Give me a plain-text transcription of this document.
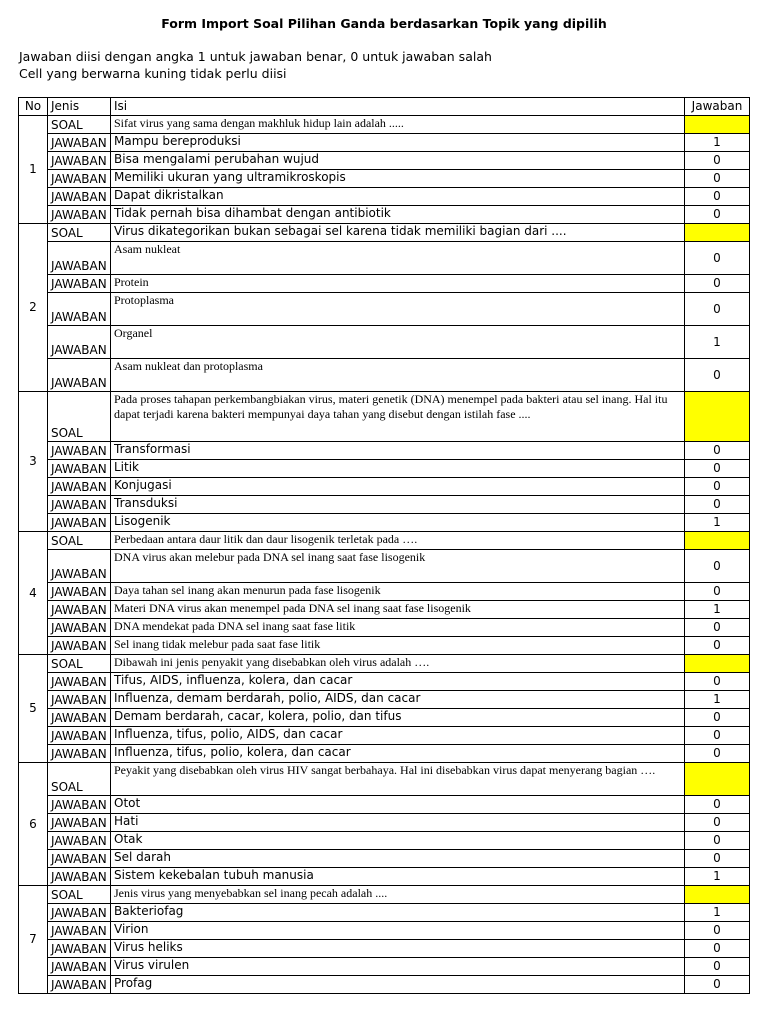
Form Import Soal Pilihan Ganda berdasarkan Topik yang dipilih
Jawaban diisi dengan angka 1 untuk jawaban benar, 0 untuk jawaban salah
Cell yang berwarna kuning tidak perlu diisi
No	Jenis	Isi	Jawaban
1	SOAL	Sifat virus yang sama dengan makhluk hidup lain adalah .....	
	JAWABAN	Mampu bereproduksi	1
	JAWABAN	Bisa mengalami perubahan wujud	0
	JAWABAN	Memiliki ukuran yang ultramikroskopis	0
	JAWABAN	Dapat dikristalkan	0
	JAWABAN	Tidak pernah bisa dihambat dengan antibiotik	0
2	SOAL	Virus dikategorikan bukan sebagai sel karena tidak memiliki bagian dari ....	
	JAWABAN	Asam nukleat	0
	JAWABAN	Protein	0
	JAWABAN	Protoplasma	0
	JAWABAN	Organel	1
	JAWABAN	Asam nukleat dan protoplasma	0
3	SOAL	Pada proses tahapan perkembangbiakan virus, materi genetik (DNA) menempel pada bakteri atau sel inang. Hal itu dapat terjadi karena bakteri mempunyai daya tahan yang disebut dengan istilah fase ....	
	JAWABAN	Transformasi	0
	JAWABAN	Litik	0
	JAWABAN	Konjugasi	0
	JAWABAN	Transduksi	0
	JAWABAN	Lisogenik	1
4	SOAL	Perbedaan antara daur litik dan daur lisogenik terletak pada ….	
	JAWABAN	DNA virus akan melebur pada DNA sel inang saat fase lisogenik	0
	JAWABAN	Daya tahan sel inang akan menurun pada fase lisogenik	0
	JAWABAN	Materi DNA virus akan menempel pada DNA sel inang saat fase lisogenik	1
	JAWABAN	DNA mendekat pada DNA sel inang saat fase litik	0
	JAWABAN	Sel inang tidak melebur pada saat fase litik	0
5	SOAL	Dibawah ini jenis penyakit yang disebabkan oleh virus adalah ….	
	JAWABAN	Tifus, AIDS, influenza, kolera, dan cacar	0
	JAWABAN	Influenza, demam berdarah, polio, AIDS, dan cacar	1
	JAWABAN	Demam berdarah, cacar, kolera, polio, dan tifus	0
	JAWABAN	Influenza, tifus, polio, AIDS, dan cacar	0
	JAWABAN	Influenza, tifus, polio, kolera, dan cacar	0
6	SOAL	Peyakit yang disebabkan oleh virus HIV sangat berbahaya. Hal ini disebabkan virus dapat menyerang bagian ….	
	JAWABAN	Otot	0
	JAWABAN	Hati	0
	JAWABAN	Otak	0
	JAWABAN	Sel darah	0
	JAWABAN	Sistem kekebalan tubuh manusia	1
7	SOAL	Jenis virus yang menyebabkan sel inang pecah adalah ....	
	JAWABAN	Bakteriofag	1
	JAWABAN	Virion	0
	JAWABAN	Virus heliks	0
	JAWABAN	Virus virulen	0
	JAWABAN	Profag	0
